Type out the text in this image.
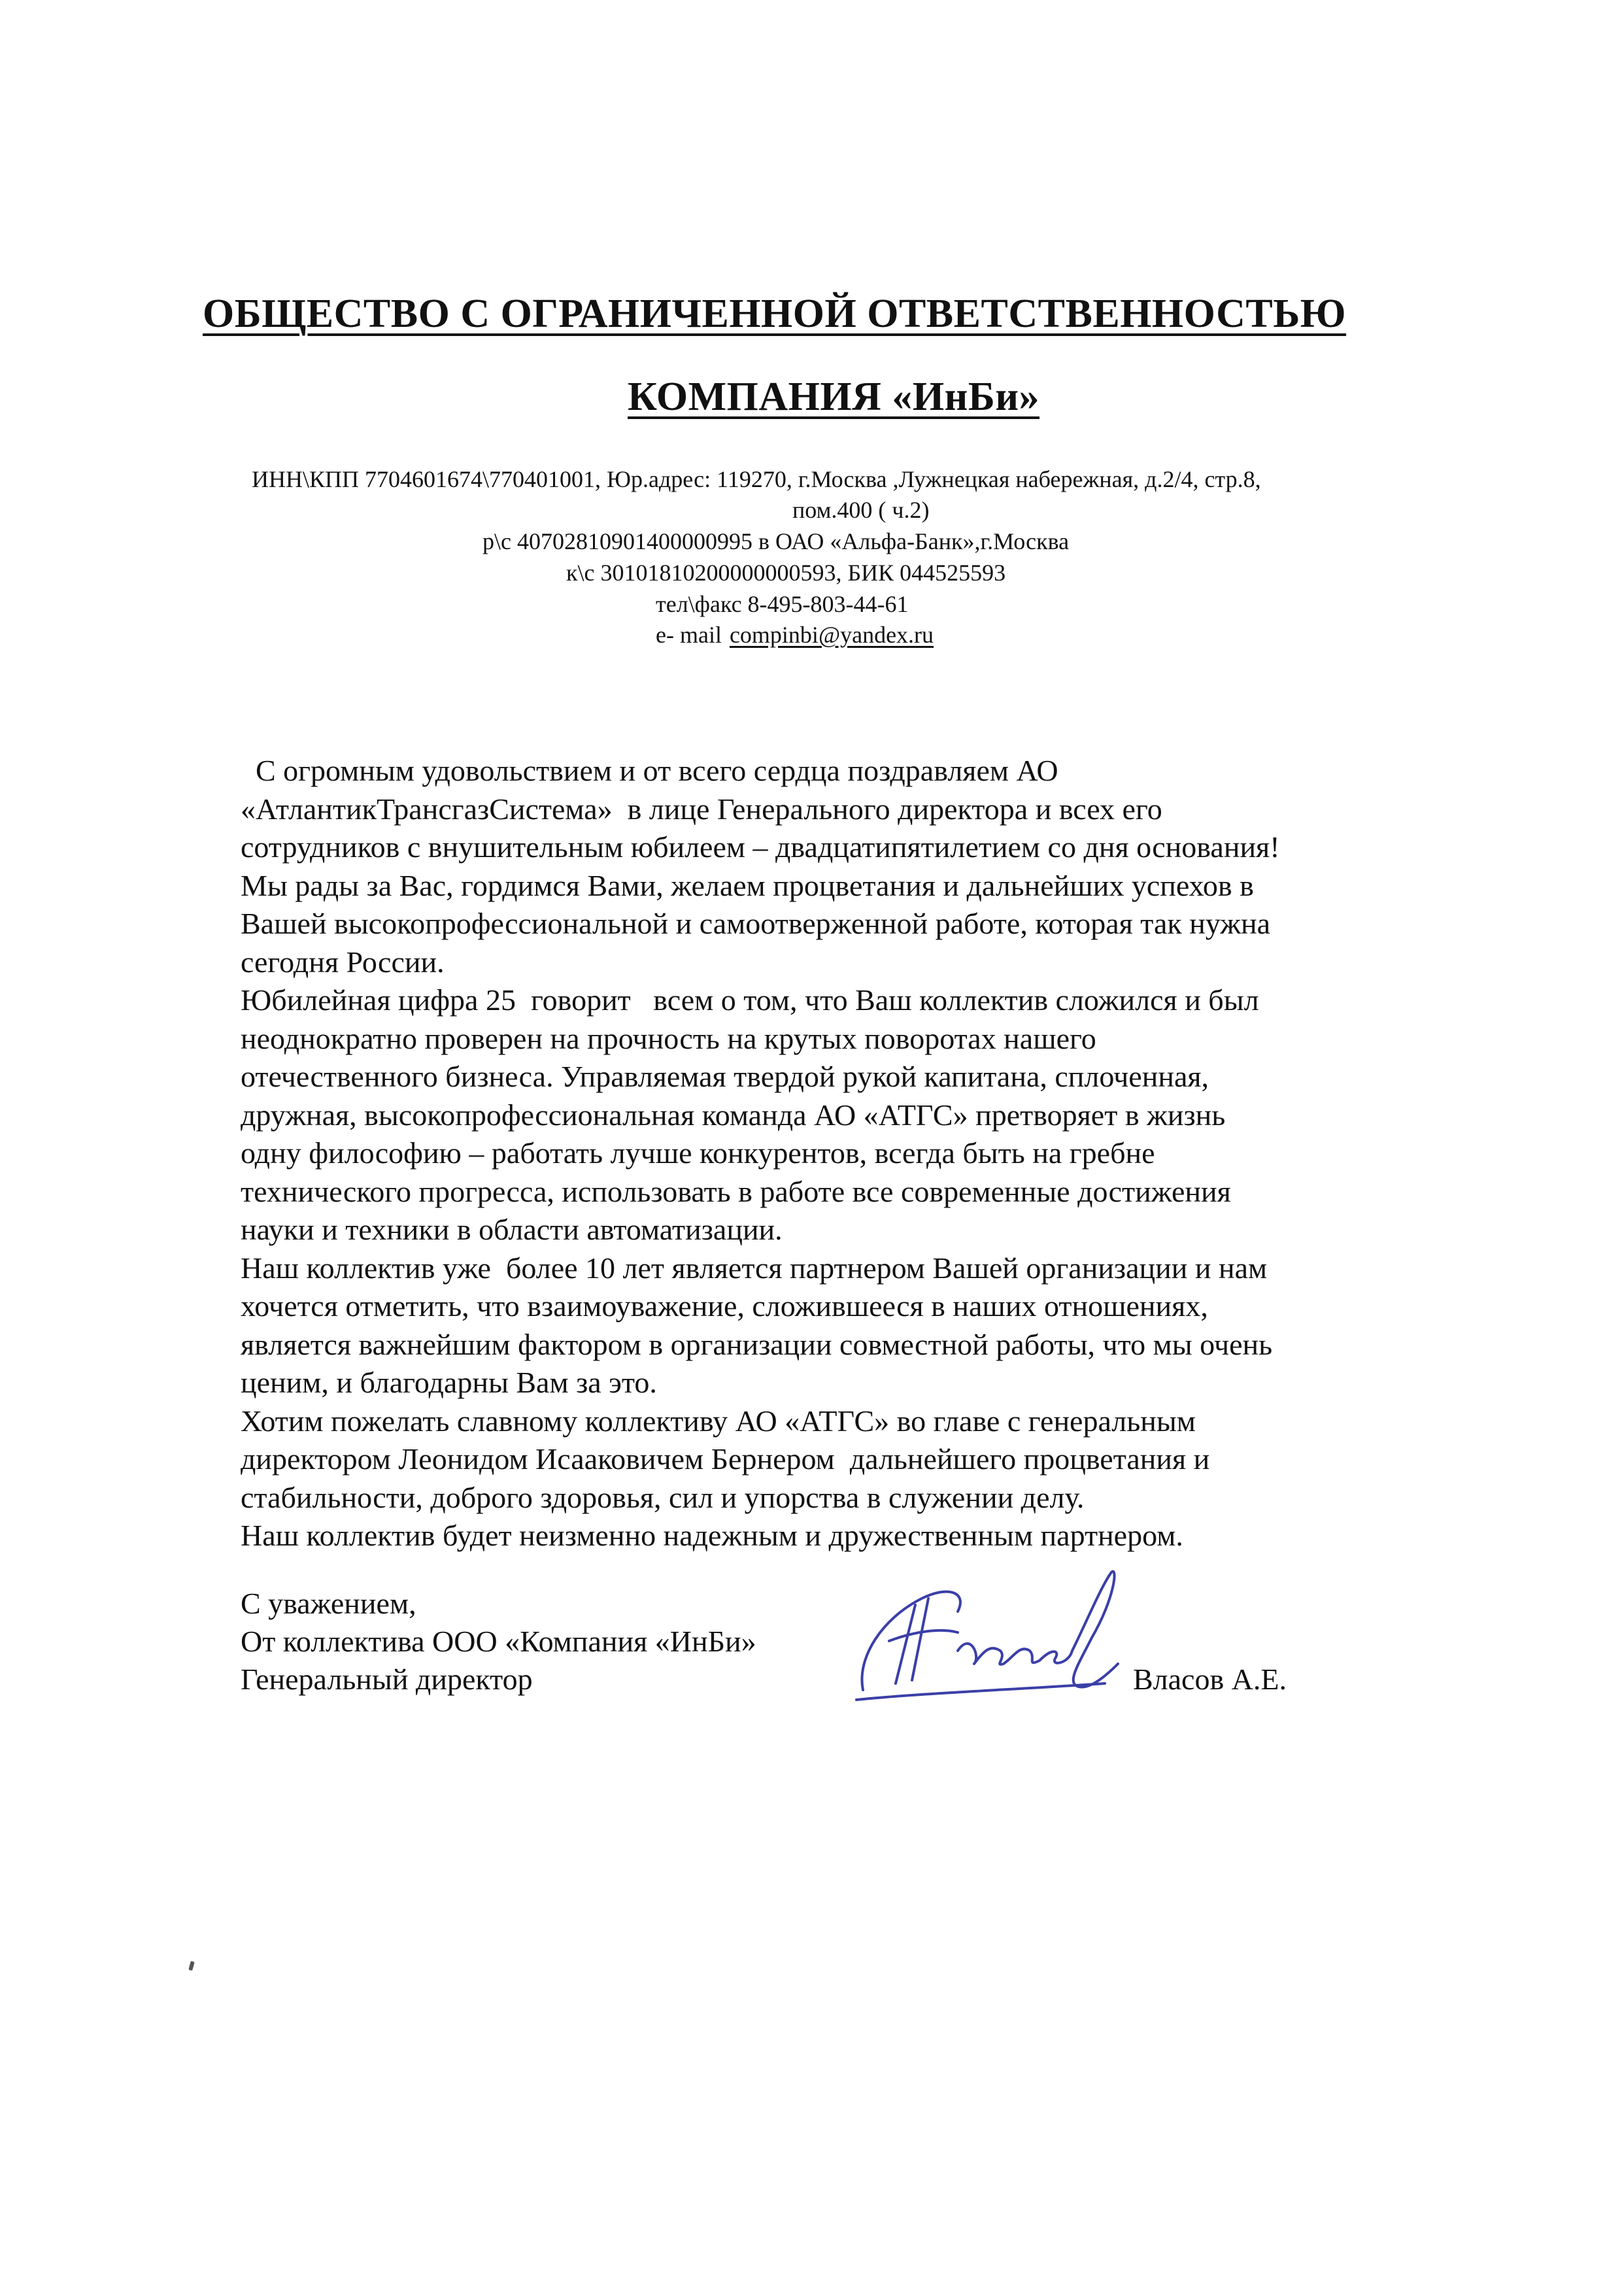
ОБЩЕСТВО С ОГРАНИЧЕННОЙ ОТВЕТСТВЕННОСТЬЮ
КОМПАНИЯ «ИнБи»
ИНН\КПП 7704601674\770401001, Юр.адрес: 119270, г.Москва ,Лужнецкая набережная, д.2/4, стр.8,
пом.400 ( ч.2)
р\с 40702810901400000995 в ОАО «Альфа-Банк»,г.Москва
к\с 30101810200000000593, БИК 044525593
тел\факс 8-495-803-44-61
е- mail compinbi@yandex.ru

С огромным удовольствием и от всего сердца поздравляем АО

«АтлантикТрансгазСистема»  в лице Генерального директора и всех его

сотрудников с внушительным юбилеем – двадцатипятилетием со дня основания!

Мы рады за Вас, гордимся Вами, желаем процветания и дальнейших успехов в

Вашей высокопрофессиональной и самоотверженной работе, которая так нужна

сегодня России.

Юбилейная цифра 25  говорит   всем о том, что Ваш коллектив сложился и был

неоднократно проверен на прочность на крутых поворотах нашего

отечественного бизнеса. Управляемая твердой рукой капитана, сплоченная,

дружная, высокопрофессиональная команда АО «АТГС» претворяет в жизнь

одну философию – работать лучше конкурентов, всегда быть на гребне

технического прогресса, использовать в работе все современные достижения

науки и техники в области автоматизации.

Наш коллектив уже  более 10 лет является партнером Вашей организации и нам

хочется отметить, что взаимоуважение, сложившееся в наших отношениях,

является важнейшим фактором в организации совместной работы, что мы очень

ценим, и благодарны Вам за это.

Хотим пожелать славному коллективу АО «АТГС» во главе с генеральным

директором Леонидом Исааковичем Бернером  дальнейшего процветания и

стабильности, доброго здоровья, сил и упорства в служении делу.

Наш коллектив будет неизменно надежным и дружественным партнером.

С уважением,
От коллектива ООО «Компания «ИнБи»
Генеральный директор	Власов А.Е.
